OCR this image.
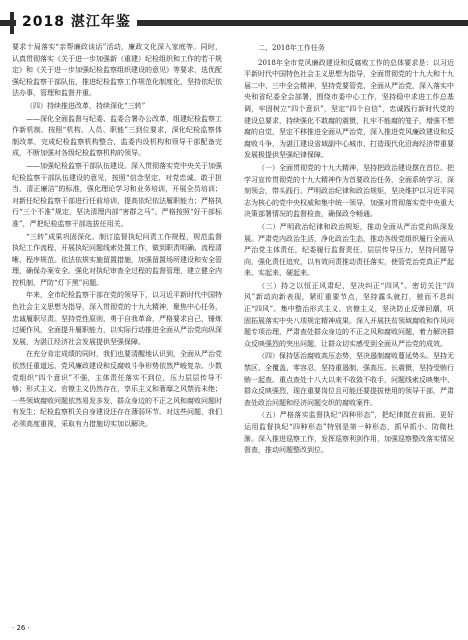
2018 湛江年鉴

要求十局落实“亲帮廉政谈话”活动，廉政文化深入家庭等。同时，认真贯彻落实《关于进一步加强新（重建）纪检组织和工作的若干规定》和《关于进一步加强纪检监察组织建设的意见》等要求，选优配强纪检监察干部队伍，推进纪检监察工作规范化制度化，坚持依纪依法办事，管理和监督并重。

（四）持续推进改革，持续深化“三转”

——深化全面监督与纪委、监委合署办公改革，组建纪检监察工作新机制。按照“机构、人员、职能”三到位要求，深化纪检监察体制改革，完成纪检监察机构整合，监委内设机构和领导干部配备完成，不断加强对各级纪检监察机构的领导。

——加强纪检监察干部队伍建设。深入贯彻落实党中央关于加强纪检监察干部队伍建设的意见，按照“信念坚定、对党忠诚、敢于担当、清正廉洁”的标准，强化理论学习和业务培训，开展全员培训；对新任纪检监察干部进行任前培训，提高依纪依法履职能力；严格执行“三个不准”规定，坚决清理内部“害群之马”。严格按照“好干部标准”，严把纪检监察干部选拔任用关。

“三转”成果巩固深化。制订监督执纪问责工作规程，规范监督执纪工作流程，开展执纪问题线索处置工作，做到职责明确、流程清晰、程序规范。依法依规实施留置措施，加强留置场所建设和安全管理，确保办案安全。强化对执纪审查全过程的监督管理，建立健全内控机制，严防“灯下黑”问题。

年来，全市纪检监察干部在党的领导下，以习近平新时代中国特色社会主义思想为指导，深入贯彻党的十九大精神，聚焦中心任务，忠诚履职尽责。坚持党性原则，勇于自我革命，严格要求自己，锤炼过硬作风，全面提升履职能力，以实际行动推进全面从严治党向纵深发展，为湛江经济社会发展提供坚强保障。

在充分肯定成绩的同时，我们也要清醒地认识到，全面从严治党依然任重道远，党风廉政建设和反腐败斗争形势依然严峻复杂。少数党组织“四个意识”不强，主体责任落实不到位，压力层层传导不够；形式主义、官僚主义仍然存在，享乐主义和奢靡之风禁而未绝；一些领域腐败问题依然易发多发，群众身边的不正之风和腐败问题时有发生；纪检监察机关自身建设还存在薄弱环节。对这些问题，我们必须高度重视，采取有力措施切实加以解决。

二、2018年工作任务

2018年全市党风廉政建设和反腐败工作的总体要求是：以习近平新时代中国特色社会主义思想为指导，全面贯彻党的十九大和十九届二中、三中全会精神，坚持党要管党、全面从严治党，深入落实中央和省纪委全会部署，围绕市委中心工作，坚持稳中求进工作总基调，牢固树立“四个意识”，坚定“四个自信”，忠诚践行新时代党的建设总要求，持续强化不敢腐的震慑，扎牢不能腐的笼子，增强不想腐的自觉，坚定不移推进全面从严治党，深入推进党风廉政建设和反腐败斗争，为湛江建设省域副中心城市、打造现代化沿海经济带重要发展极提供坚强纪律保障。

（一）全面贯彻党的十九大精神，坚持把政治建设摆在首位。把学习宣传贯彻党的十九大精神作为首要政治任务，全面系统学习，深刻领会，带头践行。严明政治纪律和政治规矩，坚决维护以习近平同志为核心的党中央权威和集中统一领导，加强对贯彻落实党中央重大决策部署情况的监督检查，确保政令畅通。

（二）严明政治纪律和政治规矩，推动全面从严治党向纵深发展。严肃党内政治生活，净化政治生态，推动各级党组织履行全面从严治党主体责任，纪委履行监督责任，层层传导压力，坚持问题导向，强化责任追究，以有效问责推动责任落实，使管党治党真正严起来、实起来、硬起来。

（三）持之以恒正风肃纪，坚决纠正“四风”。密切关注“四风”新动向新表现，紧盯重要节点，坚持露头就打，驰而不息纠正“四风”。集中整治形式主义、官僚主义，坚决防止反弹回潮，巩固拓展落实中央八项规定精神成果。深入开展扶贫领域腐败和作风问题专项治理，严肃查处群众身边的不正之风和腐败问题，着力解决群众反映强烈的突出问题，让群众切实感受到全面从严治党的成效。

（四）保持惩治腐败高压态势，坚决遏制腐败蔓延势头。坚持无禁区、全覆盖、零容忍，坚持重遏制、强高压、长震慑，坚持受贿行贿一起查。重点查处十八大以来不收敛不收手，问题线索反映集中、群众反映强烈，现在重要岗位且可能还要提拔使用的领导干部，严肃查处政治问题和经济问题交织的腐败案件。

（五）严格落实监督执纪“四种形态”，把纪律挺在前面。更好运用监督执纪“四种形态”特别是第一种形态，抓早抓小、防微杜渐。深入推进巡察工作，发挥巡察利剑作用，加强巡察整改落实情况督查，推动问题整改到位。

· 26 ·
